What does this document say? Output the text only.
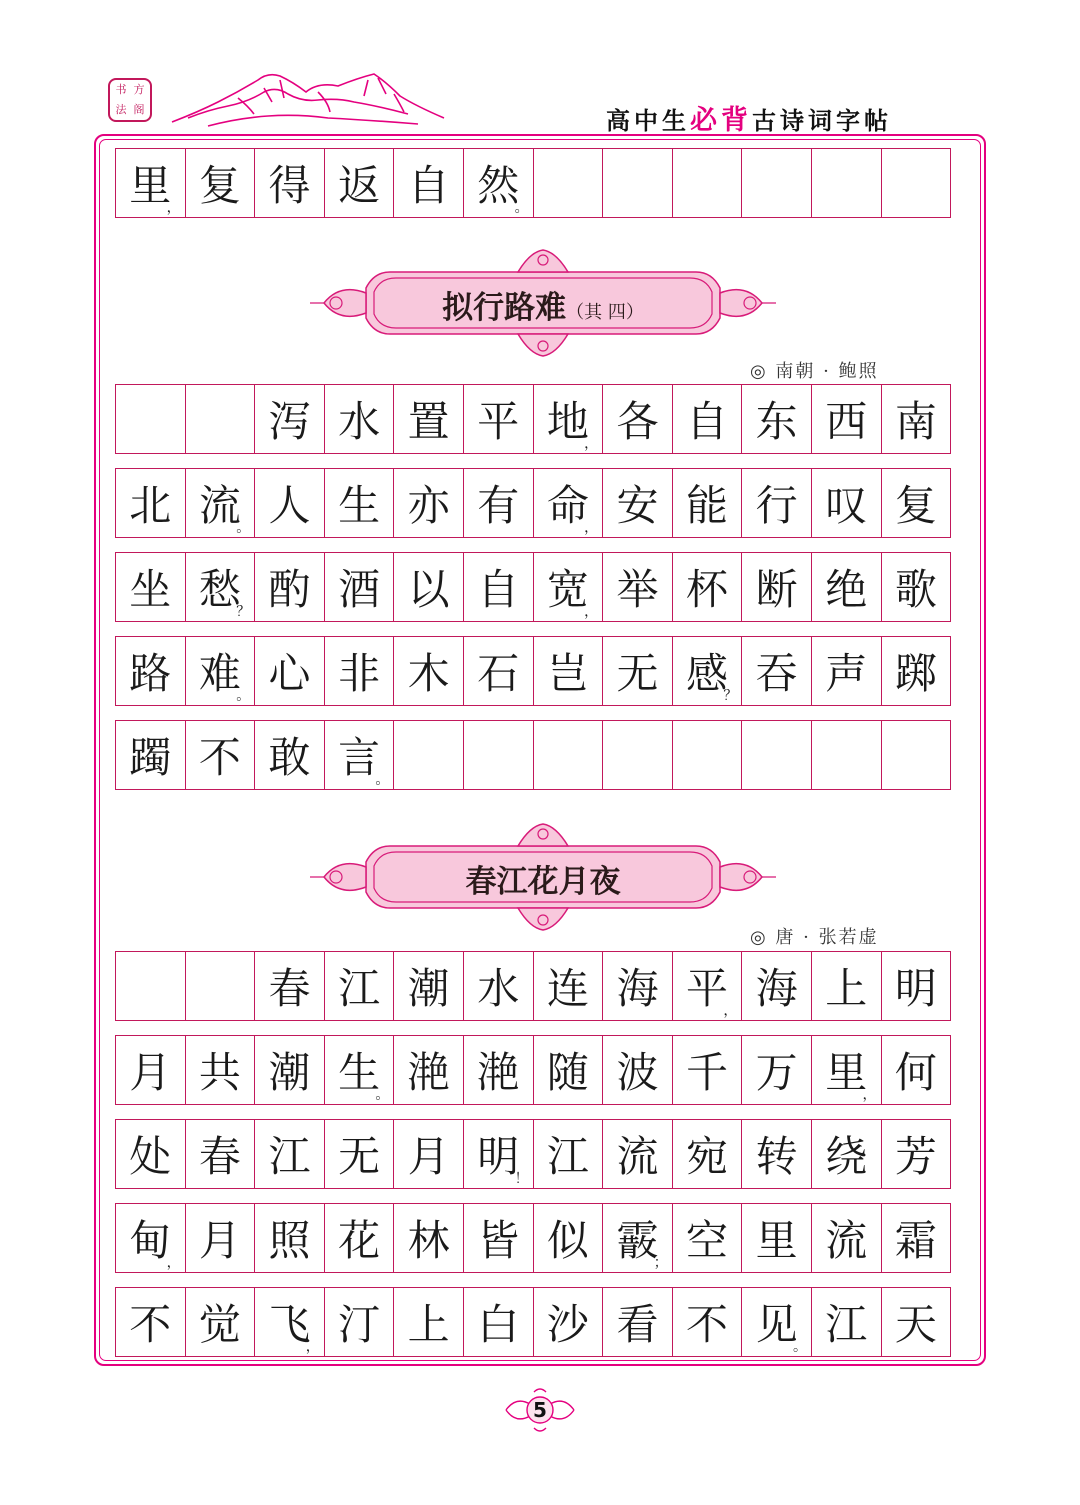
书 方
法 阁	高中生必背古诗词字帖
里
， 复 得 返 自 然
。
拟行路难（其 四）
◎ 南朝 · 鲍照
泻 水 置 平 地
， 各 自 东 西 南
北 流
。 人 生 亦 有 命
， 安 能 行 叹 复
坐 愁
？ 酌 酒 以 自 宽
， 举 杯 断 绝 歌
路 难
。 心 非 木 石 岂 无 感
？ 吞 声 踯
躅 不 敢 言
。
春江花月夜
◎ 唐 · 张若虚
春 江 潮 水 连 海 平
， 海 上 明
月 共 潮 生
。 滟 滟 随 波 千 万 里
， 何
处 春 江 无 月 明
！ 江 流 宛 转 绕 芳
甸
， 月 照 花 林 皆 似 霰
； 空 里 流 霜
不 觉 飞
， 汀 上 白 沙 看 不 见
。 江 天
5
